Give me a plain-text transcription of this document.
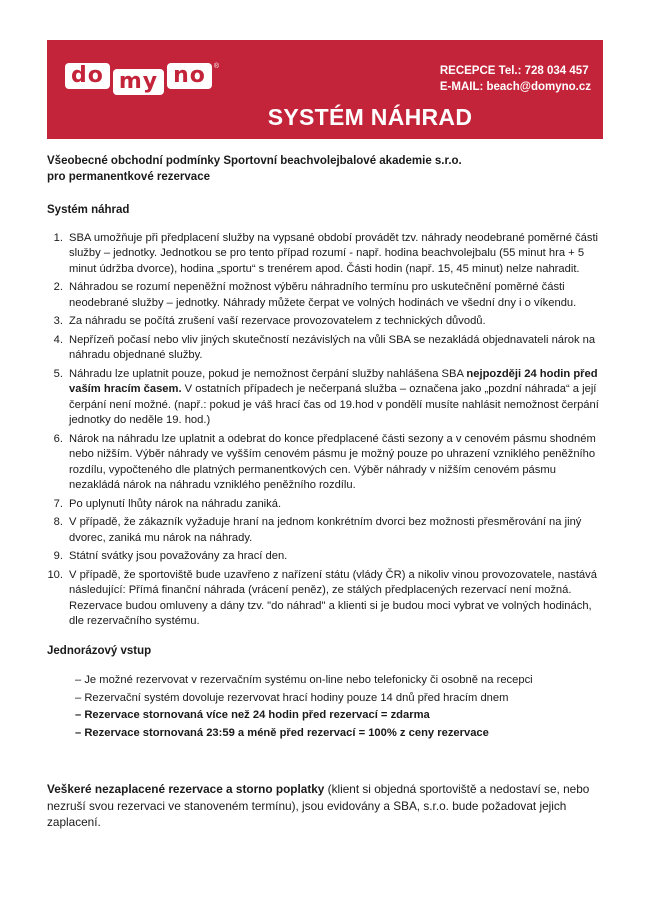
do my no	®	RECEPCE Tel.: 728 034 457
E-MAIL: beach@domyno.cz
SYSTÉM NÁHRAD

Všeobecné obchodní podmínky Sportovní beachvolejbalové akademie s.r.o.
pro permanentkové rezervace

Systém náhrad
1. SBA umožňuje při předplacení služby na vypsané období provádět tzv. náhrady neodebrané poměrné části služby – jednotky. Jednotkou se pro tento případ rozumí - např. hodina beachvolejbalu (55 minut hra + 5 minut údržba dvorce), hodina „sportu“ s trenérem apod. Části hodin (např. 15, 45 minut) nelze nahradit.
2. Náhradou se rozumí nepeněžní možnost výběru náhradního termínu pro uskutečnění poměrné části neodebrané služby – jednotky. Náhrady můžete čerpat ve volných hodinách ve všední dny i o víkendu.
3. Za náhradu se počítá zrušení vaší rezervace provozovatelem z technických důvodů.
4. Nepřízeň počasí nebo vliv jiných skutečností nezávislých na vůli SBA se nezakládá objednavateli nárok na náhradu objednané služby.
5. Náhradu lze uplatnit pouze, pokud je nemožnost čerpání služby nahlášena SBA nejpozději 24 hodin před vaším hracím časem. V ostatních případech je nečerpaná služba – označena jako „pozdní náhrada“ a její čerpání není možné. (např.: pokud je váš hrací čas od 19.hod v pondělí musíte nahlásit nemožnost čerpání jednotky do neděle 19. hod.)
6. Nárok na náhradu lze uplatnit a odebrat do konce předplacené části sezony a v cenovém pásmu shodném nebo nižším. Výběr náhrady ve vyšším cenovém pásmu je možný pouze po uhrazení vzniklého peněžního rozdílu, vypočteného dle platných permanentkových cen. Výběr náhrady v nižším cenovém pásmu nezakládá nárok na náhradu vzniklého peněžního rozdílu.
7. Po uplynutí lhůty nárok na náhradu zaniká.
8. V případě, že zákazník vyžaduje hraní na jednom konkrétním dvorci bez možnosti přesměrování na jiný dvorec, zaniká mu nárok na náhrady.
9. Státní svátky jsou považovány za hrací den.
10. V případě, že sportoviště bude uzavřeno z nařízení státu (vlády ČR) a nikoliv vinou provozovatele, nastává následující: Přímá finanční náhrada (vrácení peněz), ze stálých předplacených rezervací není možná. Rezervace budou omluveny a dány tzv. "do náhrad" a klienti si je budou moci vybrat ve volných hodinách, dle rezervačního systému.
Jednorázový vstup
– Je možné rezervovat v rezervačním systému on-line nebo telefonicky či osobně na recepci
– Rezervační systém dovoluje rezervovat hrací hodiny pouze 14 dnů před hracím dnem
– Rezervace stornovaná více než 24 hodin před rezervací = zdarma
– Rezervace stornovaná 23:59 a méně před rezervací = 100% z ceny rezervace

Veškeré nezaplacené rezervace a storno poplatky (klient si objedná sportoviště a nedostaví se, nebo nezruší svou rezervaci ve stanoveném termínu), jsou evidovány a SBA, s.r.o. bude požadovat jejich zaplacení.
